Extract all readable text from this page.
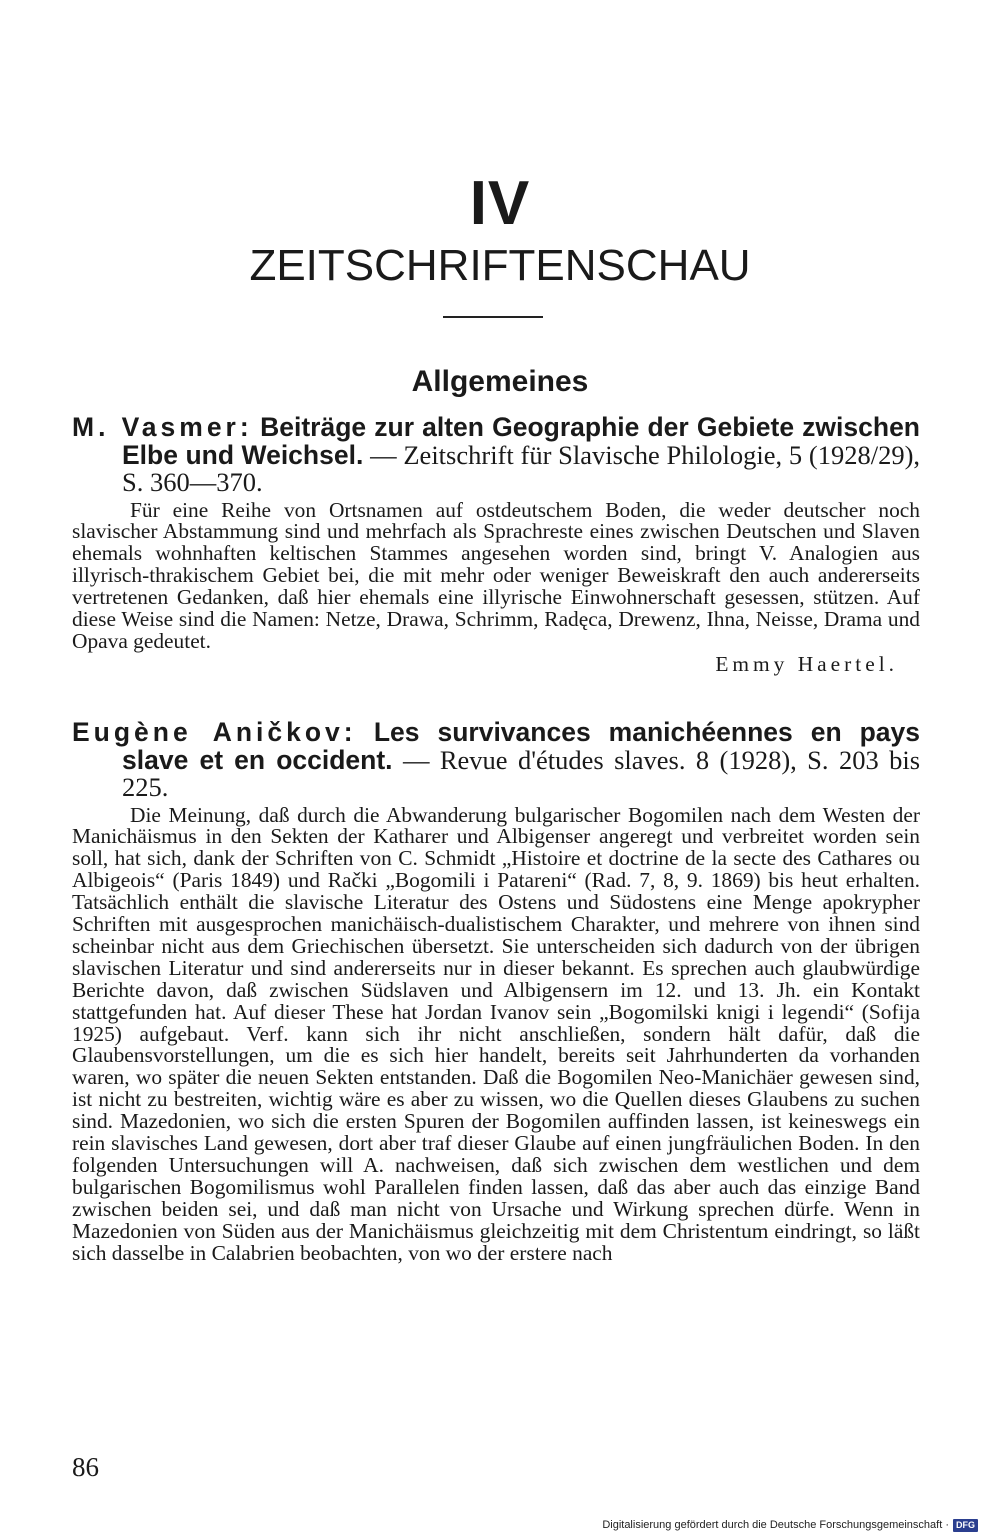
IV
ZEITSCHRIFTENSCHAU
Allgemeines
M. Vasmer: Beiträge zur alten Geographie der Gebiete zwischen Elbe und Weichsel. — Zeitschrift für Slavische Philologie, 5 (1928/29), S. 360—370.
Für eine Reihe von Ortsnamen auf ostdeutschem Boden, die weder deutscher noch slavischer Abstammung sind und mehrfach als Sprachreste eines zwischen Deutschen und Slaven ehemals wohnhaften keltischen Stammes angesehen worden sind, bringt V. Analogien aus illyrisch-thrakischem Gebiet bei, die mit mehr oder weniger Beweiskraft den auch andererseits vertretenen Gedanken, daß hier ehemals eine illyrische Einwohnerschaft gesessen, stützen. Auf diese Weise sind die Namen: Netze, Drawa, Schrimm, Radęca, Drewenz, Ihna, Neisse, Drama und Opava gedeutet.
Emmy Haertel.
Eugène Aničkov: Les survivances manichéennes en pays slave et en occident. — Revue d'études slaves. 8 (1928), S. 203 bis 225.
Die Meinung, daß durch die Abwanderung bulgarischer Bogomilen nach dem Westen der Manichäismus in den Sekten der Katharer und Albigenser angeregt und verbreitet worden sein soll, hat sich, dank der Schriften von C. Schmidt „Histoire et doctrine de la secte des Cathares ou Albigeois“ (Paris 1849) und Rački „Bogomili i Patareni“ (Rad. 7, 8, 9. 1869) bis heut erhalten. Tatsächlich enthält die slavische Literatur des Ostens und Südostens eine Menge apokrypher Schriften mit ausgesprochen manichäisch-dualistischem Charakter, und mehrere von ihnen sind scheinbar nicht aus dem Griechischen übersetzt. Sie unterscheiden sich dadurch von der übrigen slavischen Literatur und sind andererseits nur in dieser bekannt. Es sprechen auch glaubwürdige Berichte davon, daß zwischen Südslaven und Albigensern im 12. und 13. Jh. ein Kontakt stattgefunden hat. Auf dieser These hat Jordan Ivanov sein „Bogomilski knigi i legendi“ (Sofija 1925) aufgebaut. Verf. kann sich ihr nicht anschließen, sondern hält dafür, daß die Glaubensvorstellungen, um die es sich hier handelt, bereits seit Jahrhunderten da vorhanden waren, wo später die neuen Sekten entstanden. Daß die Bogomilen Neo-Manichäer gewesen sind, ist nicht zu bestreiten, wichtig wäre es aber zu wissen, wo die Quellen dieses Glaubens zu suchen sind. Mazedonien, wo sich die ersten Spuren der Bogomilen auffinden lassen, ist keineswegs ein rein slavisches Land gewesen, dort aber traf dieser Glaube auf einen jungfräulichen Boden. In den folgenden Untersuchungen will A. nachweisen, daß sich zwischen dem westlichen und dem bulgarischen Bogomilismus wohl Parallelen finden lassen, daß das aber auch das einzige Band zwischen beiden sei, und daß man nicht von Ursache und Wirkung sprechen dürfe. Wenn in Mazedonien von Süden aus der Manichäismus gleichzeitig mit dem Christentum eindringt, so läßt sich dasselbe in Calabrien beobachten, von wo der erstere nach
86
Digitalisierung gefördert durch die Deutsche Forschungsgemeinschaft · DFG
